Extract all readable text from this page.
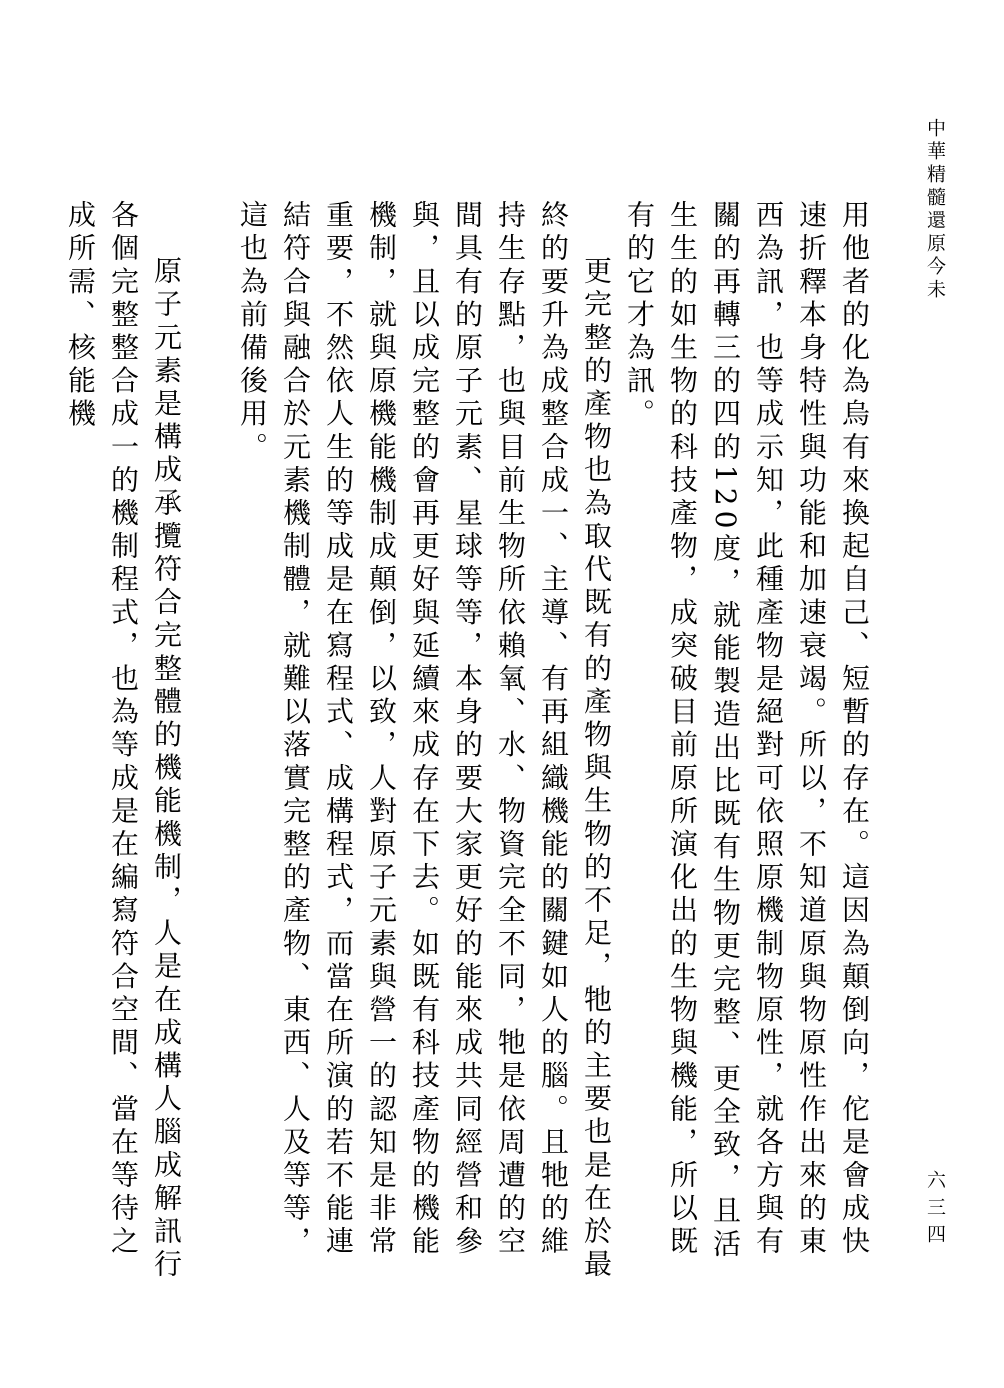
中華精髓還原今未
六三四

用他者的化為烏有來換起自己、短暫的存在。這因為顛倒向，佗是會成快速折釋本身特性與功能和加速衰竭。所以，不知道原與物原性作出來的東西為訊，也等成示知，此種產物是絕對可依照原機制物原性，就各方與有關的再轉三的四的120度，就能製造出比既有生物更完整、更全致，且活生生的如生物的科技產物，成突破目前原所演化出的生物與機能，所以既有的它才為訊。

更完整的產物也為取代既有的產物與生物的不足，牠的主要也是在於最終的要升為成整合成一、主導、有再組織機能的關鍵如人的腦。且牠的維持生存點，也與目前生物所依賴氧、水、物資完全不同，牠是依周遭的空間具有的原子元素、星球等等，本身的要大家更好的能來成共同經營和參與，且以成完整的會再更好與延續來成存在下去。如既有科技產物的機能機制，就與原機能機制成顛倒，以致，人對原子元素與營一的認知是非常重要，不然依人生的等成是在寫程式、成構程式，而當在所演的若不能連結符合與融合於元素機制體，就難以落實完整的產物、東西、人及等等，這也為前備後用。

原子元素是構成承攬符合完整體的機能機制，人是在成構人腦成解訊行各個完整整合成一的機制程式，也為等成是在編寫符合空間、當在等待之成所需、核能機
